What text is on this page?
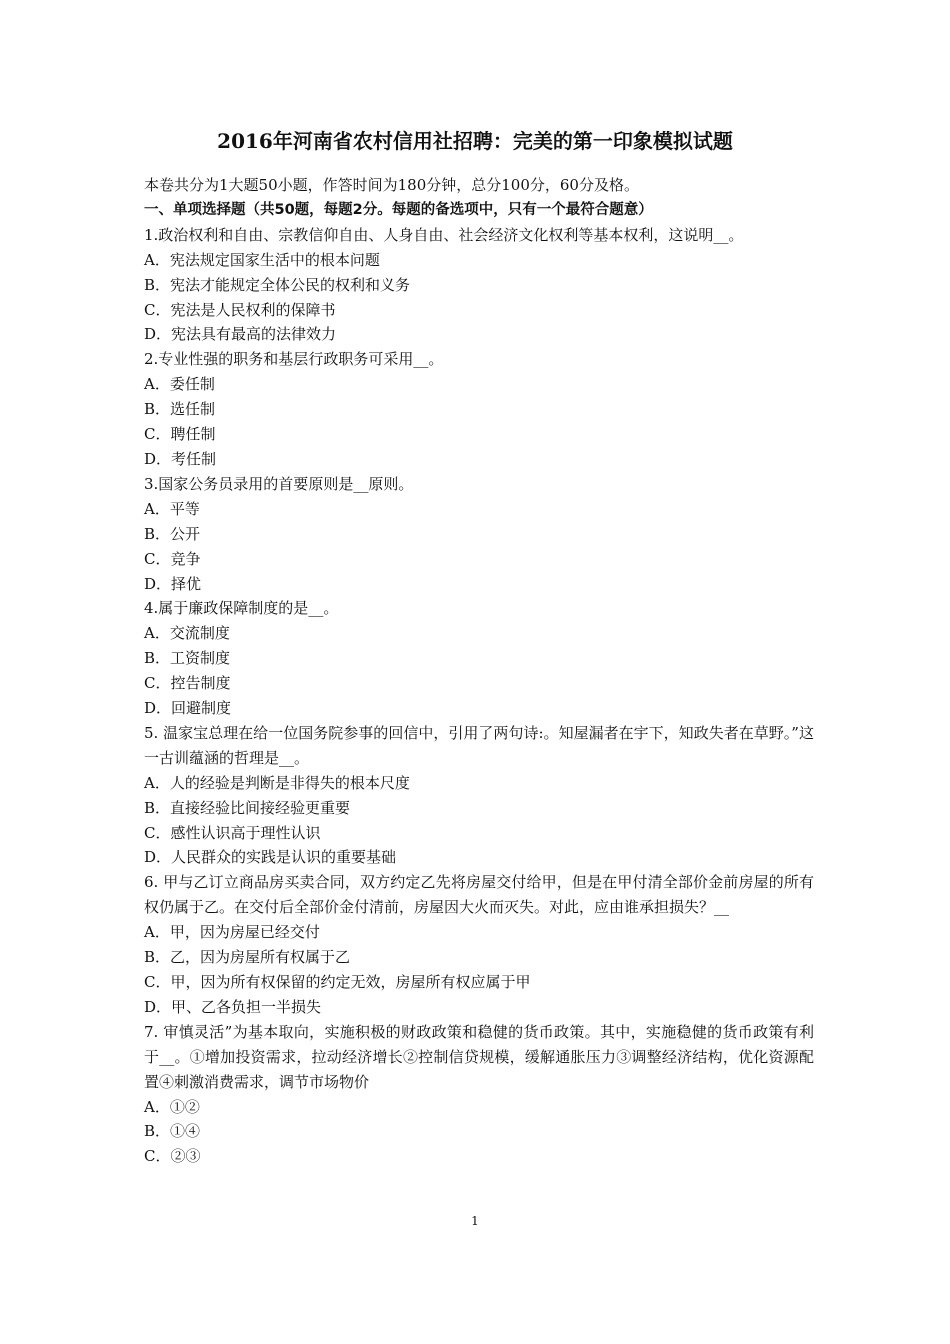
2016年河南省农村信用社招聘：完美的第一印象模拟试题
本卷共分为1大题50小题，作答时间为180分钟，总分100分，60分及格。
一、单项选择题（共50题，每题2分。每题的备选项中，只有一个最符合题意）
1.政治权利和自由、宗教信仰自由、人身自由、社会经济文化权利等基本权利，这说明__。
A．宪法规定国家生活中的根本问题
B．宪法才能规定全体公民的权利和义务
C．宪法是人民权利的保障书
D．宪法具有最高的法律效力
2.专业性强的职务和基层行政职务可采用__。
A．委任制
B．选任制
C．聘任制
D．考任制
3.国家公务员录用的首要原则是__原则。
A．平等
B．公开
C．竞争
D．择优
4.属于廉政保障制度的是__。
A．交流制度
B．工资制度
C．控告制度
D．回避制度
5. 温家宝总理在给一位国务院参事的回信中，引用了两句诗:。知屋漏者在宇下，知政失者在草野。”这一古训蕴涵的哲理是__。
A．人的经验是判断是非得失的根本尺度
B．直接经验比间接经验更重要
C．感性认识高于理性认识
D．人民群众的实践是认识的重要基础
6. 甲与乙订立商品房买卖合同，双方约定乙先将房屋交付给甲，但是在甲付清全部价金前房屋的所有权仍属于乙。在交付后全部价金付清前，房屋因大火而灭失。对此，应由谁承担损失？__
A．甲，因为房屋已经交付
B．乙，因为房屋所有权属于乙
C．甲，因为所有权保留的约定无效，房屋所有权应属于甲
D．甲、乙各负担一半损失
7. 审慎灵活”为基本取向，实施积极的财政政策和稳健的货币政策。其中，实施稳健的货币政策有利于__。①增加投资需求，拉动经济增长②控制信贷规模，缓解通胀压力③调整经济结构，优化资源配置④刺激消费需求，调节市场物价
A．①②
B．①④
C．②③
1
